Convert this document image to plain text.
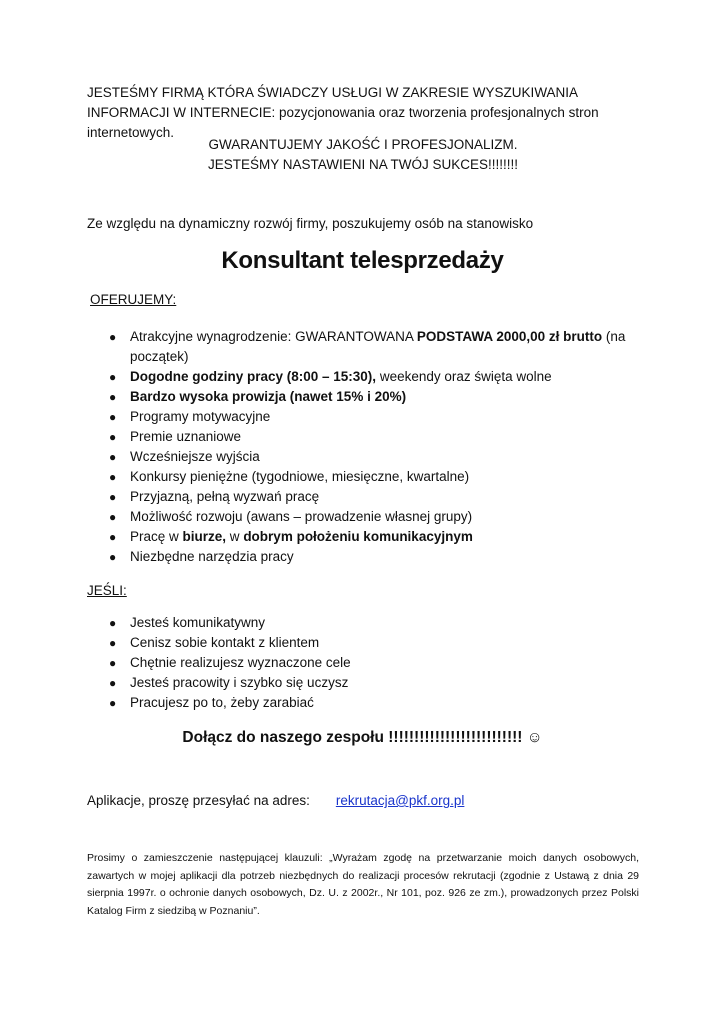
JESTEŚMY FIRMĄ KTÓRA ŚWIADCZY USŁUGI W ZAKRESIE WYSZUKIWANIA INFORMACJI W INTERNECIE: pozycjonowania oraz tworzenia profesjonalnych stron internetowych.
GWARANTUJEMY JAKOŚĆ I PROFESJONALIZM.
JESTEŚMY NASTAWIENI NA TWÓJ SUKCES!!!!!!!!
Ze względu na dynamiczny rozwój firmy, poszukujemy osób na stanowisko
Konsultant telesprzedaży
OFERUJEMY:
● Atrakcyjne wynagrodzenie: GWARANTOWANA PODSTAWA 2000,00 zł brutto (na początek)
● Dogodne godziny pracy (8:00 – 15:30), weekendy oraz święta wolne
● Bardzo wysoka prowizja (nawet 15% i 20%)
● Programy motywacyjne
● Premie uznaniowe
● Wcześniejsze wyjścia
● Konkursy pieniężne (tygodniowe, miesięczne, kwartalne)
● Przyjazną, pełną wyzwań pracę
● Możliwość rozwoju (awans – prowadzenie własnej grupy)
● Pracę w biurze, w dobrym położeniu komunikacyjnym
● Niezbędne narzędzia pracy
JEŚLI:
● Jesteś komunikatywny
● Cenisz sobie kontakt z klientem
● Chętnie realizujesz wyznaczone cele
● Jesteś pracowity i szybko się uczysz
● Pracujesz po to, żeby zarabiać
Dołącz do naszego zespołu !!!!!!!!!!!!!!!!!!!!!!!!!! ☺
Aplikacje, proszę przesyłać na adres: rekrutacja@pkf.org.pl
Prosimy o zamieszczenie następującej klauzuli: „Wyrażam zgodę na przetwarzanie moich danych osobowych, zawartych w mojej aplikacji dla potrzeb niezbędnych do realizacji procesów rekrutacji (zgodnie z Ustawą z dnia 29 sierpnia 1997r. o ochronie danych osobowych, Dz. U. z 2002r., Nr 101, poz. 926 ze zm.), prowadzonych przez Polski Katalog Firm z siedzibą w Poznaniu”.
